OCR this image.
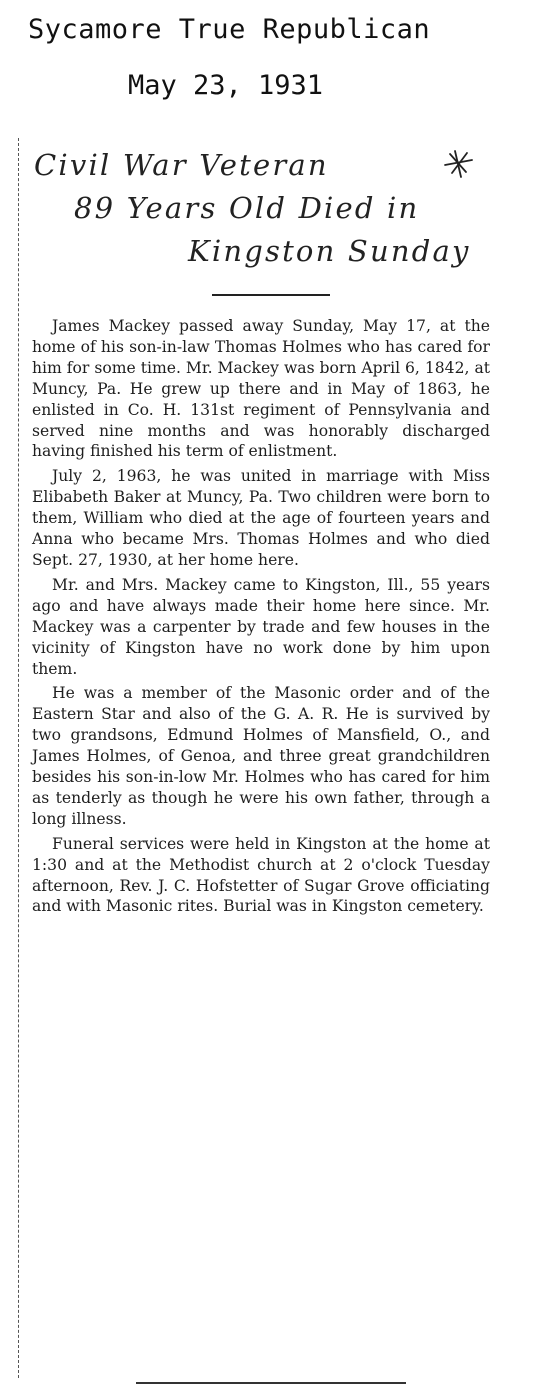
Sycamore True Republican
May 23, 1931
Civil War Veteran
89 Years Old Died in
Kingston Sunday

James Mackey passed away Sunday, May 17, at the home of his son-in-law Thomas Holmes who has cared for him for some time. Mr. Mackey was born April 6, 1842, at Muncy, Pa. He grew up there and in May of 1863, he enlisted in Co. H. 131st regiment of Pennsylvania and served nine months and was honorably discharged having finished his term of enlistment.

July 2, 1963, he was united in marriage with Miss Elibabeth Baker at Muncy, Pa. Two children were born to them, William who died at the age of fourteen years and Anna who became Mrs. Thomas Holmes and who died Sept. 27, 1930, at her home here.

Mr. and Mrs. Mackey came to Kingston, Ill., 55 years ago and have always made their home here since. Mr. Mackey was a carpenter by trade and few houses in the vicinity of Kingston have no work done by him upon them.

He was a member of the Masonic order and of the Eastern Star and also of the G. A. R. He is survived by two grandsons, Edmund Holmes of Mansfield, O., and James Holmes, of Genoa, and three great grandchildren besides his son-in-low Mr. Holmes who has cared for him as tenderly as though he were his own father, through a long illness.

Funeral services were held in Kingston at the home at 1:30 and at the Methodist church at 2 o'clock Tuesday afternoon, Rev. J. C. Hofstetter of Sugar Grove officiating and with Masonic rites. Burial was in Kingston cemetery.
